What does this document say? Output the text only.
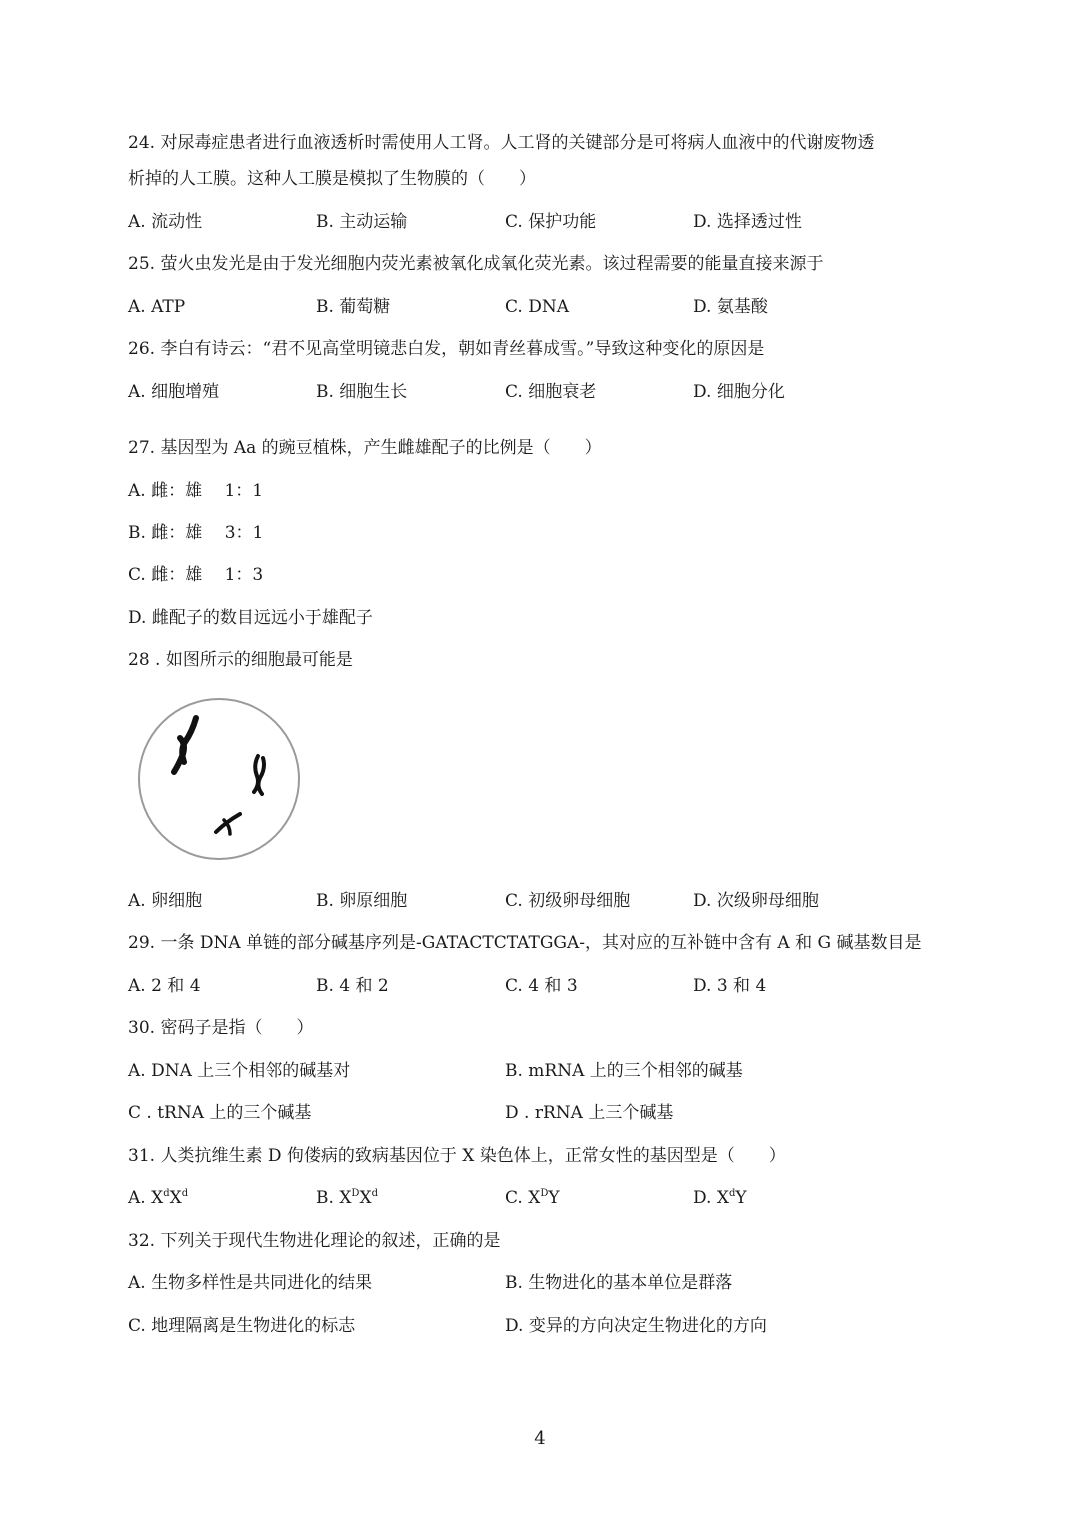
24. 对尿毒症患者进行血液透析时需使用人工肾。人工肾的关键部分是可将病人血液中的代谢废物透
析掉的人工膜。这种人工膜是模拟了生物膜的（　　）
A. 流动性	B. 主动运输	C. 保护功能	D. 选择透过性
25. 萤火虫发光是由于发光细胞内荧光素被氧化成氧化荧光素。该过程需要的能量直接来源于
A. ATP	B. 葡萄糖	C. DNA	D. 氨基酸
26. 李白有诗云：“君不见高堂明镜悲白发，朝如青丝暮成雪。”导致这种变化的原因是
A. 细胞增殖	B. 细胞生长	C. 细胞衰老	D. 细胞分化
27. 基因型为 Aa 的豌豆植株，产生雌雄配子的比例是（　　）
A. 雌：雄　 1：1
B. 雌：雄　 3：1
C. 雌：雄　 1：3
D. 雌配子的数目远远小于雄配子
28 . 如图所示的细胞最可能是
A. 卵细胞	B. 卵原细胞	C. 初级卵母细胞	D. 次级卵母细胞
29. 一条 DNA 单链的部分碱基序列是-GATACTCTATGGA-，其对应的互补链中含有 A 和 G 碱基数目是
A. 2 和 4	B. 4 和 2	C. 4 和 3	D. 3 和 4
30. 密码子是指（　　）
A. DNA 上三个相邻的碱基对	B. mRNA 上的三个相邻的碱基
C . tRNA 上的三个碱基	D . rRNA 上三个碱基
31. 人类抗维生素 D 佝偻病的致病基因位于 X 染色体上，正常女性的基因型是（　　）
A. $X^dX^d$	B. $X^DX^d$	C. $X^DY$	D. $X^dY$
32. 下列关于现代生物进化理论的叙述，正确的是
A. 生物多样性是共同进化的结果	B. 生物进化的基本单位是群落
C. 地理隔离是生物进化的标志	D. 变异的方向决定生物进化的方向
4
